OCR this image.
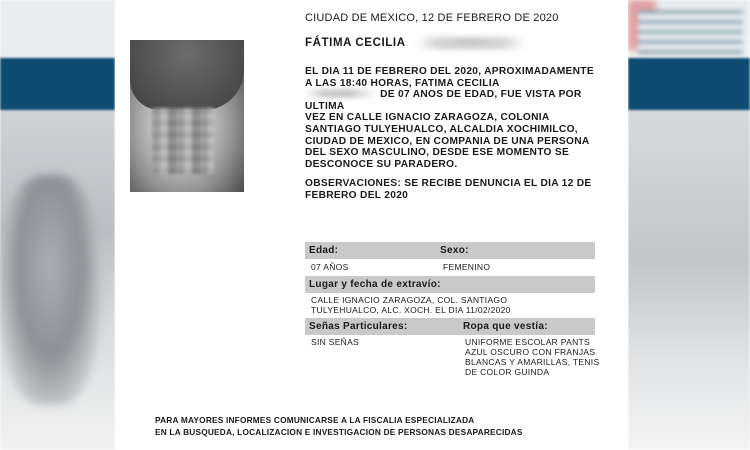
CIUDAD DE MEXICO, 12 DE FEBRERO DE 2020
FÁTIMA CECILIA

EL DIA 11 DE FEBRERO DEL 2020, APROXIMADAMENTE
A LAS 18:40 HORAS, FATIMA CECILIA
DE 07 ANOS DE EDAD, FUE VISTA POR ULTIMA
VEZ EN CALLE IGNACIO ZARAGOZA, COLONIA
SANTIAGO TULYEHUALCO, ALCALDIA XOCHIMILCO,
CIUDAD DE MEXICO, EN COMPANIA DE UNA PERSONA
DEL SEXO MASCULINO, DESDE ESE MOMENTO SE
DESCONOCE SU PARADERO.

OBSERVACIONES: SE RECIBE DENUNCIA EL DIA 12 DE
FEBRERO DEL 2020

Edad:	Sexo:
07 AÑOS	FEMENINO
Lugar y fecha de extravío:
CALLE IGNACIO ZARAGOZA, COL. SANTIAGO
TULYEHUALCO, ALC. XOCH. EL DIA 11/02/2020
Señas Particulares:	Ropa que vestía:
SIN SEÑAS	UNIFORME ESCOLAR PANTS
AZUL OSCURO CON FRANJAS
BLANCAS Y AMARILLAS, TENIS
DE COLOR GUINDA
PARA MAYORES INFORMES COMUNICARSE A LA FISCALIA ESPECIALIZADA
EN LA BUSQUEDA, LOCALIZACION E INVESTIGACION DE PERSONAS DESAPARECIDAS
